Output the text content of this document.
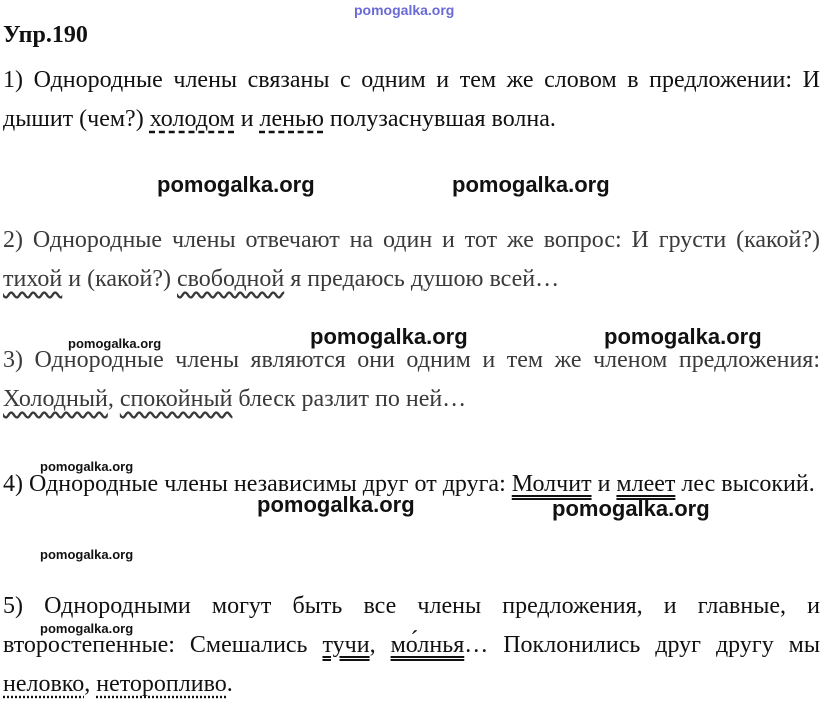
pomogalka.org
Упр.190
1) Однородные члены связаны с одним и тем же словом в предложении: И дышит (чем?) холодом и ленью полузаснувшая волна.
pomogalka.org	pomogalka.org
2) Однородные члены отвечают на один и тот же вопрос: И грусти (какой?) тихой и (какой?) свободной я предаюсь душою всей…
pomogalka.org	pomogalka.org	pomogalka.org
3) Однородные члены являются они одним и тем же членом предложения: Холодный, спокойный блеск разлит по ней…
pomogalka.org
4) Однородные члены независимы друг от друга: Молчит и млеет лес высокий.
pomogalka.org	pomogalka.org
pomogalka.org
5) Однородными могут быть все члены предложения, и главные, и второстепенные: Смешались тучи, мо́лнья… Поклонились друг другу мы неловко, неторопливо.
pomogalka.org
